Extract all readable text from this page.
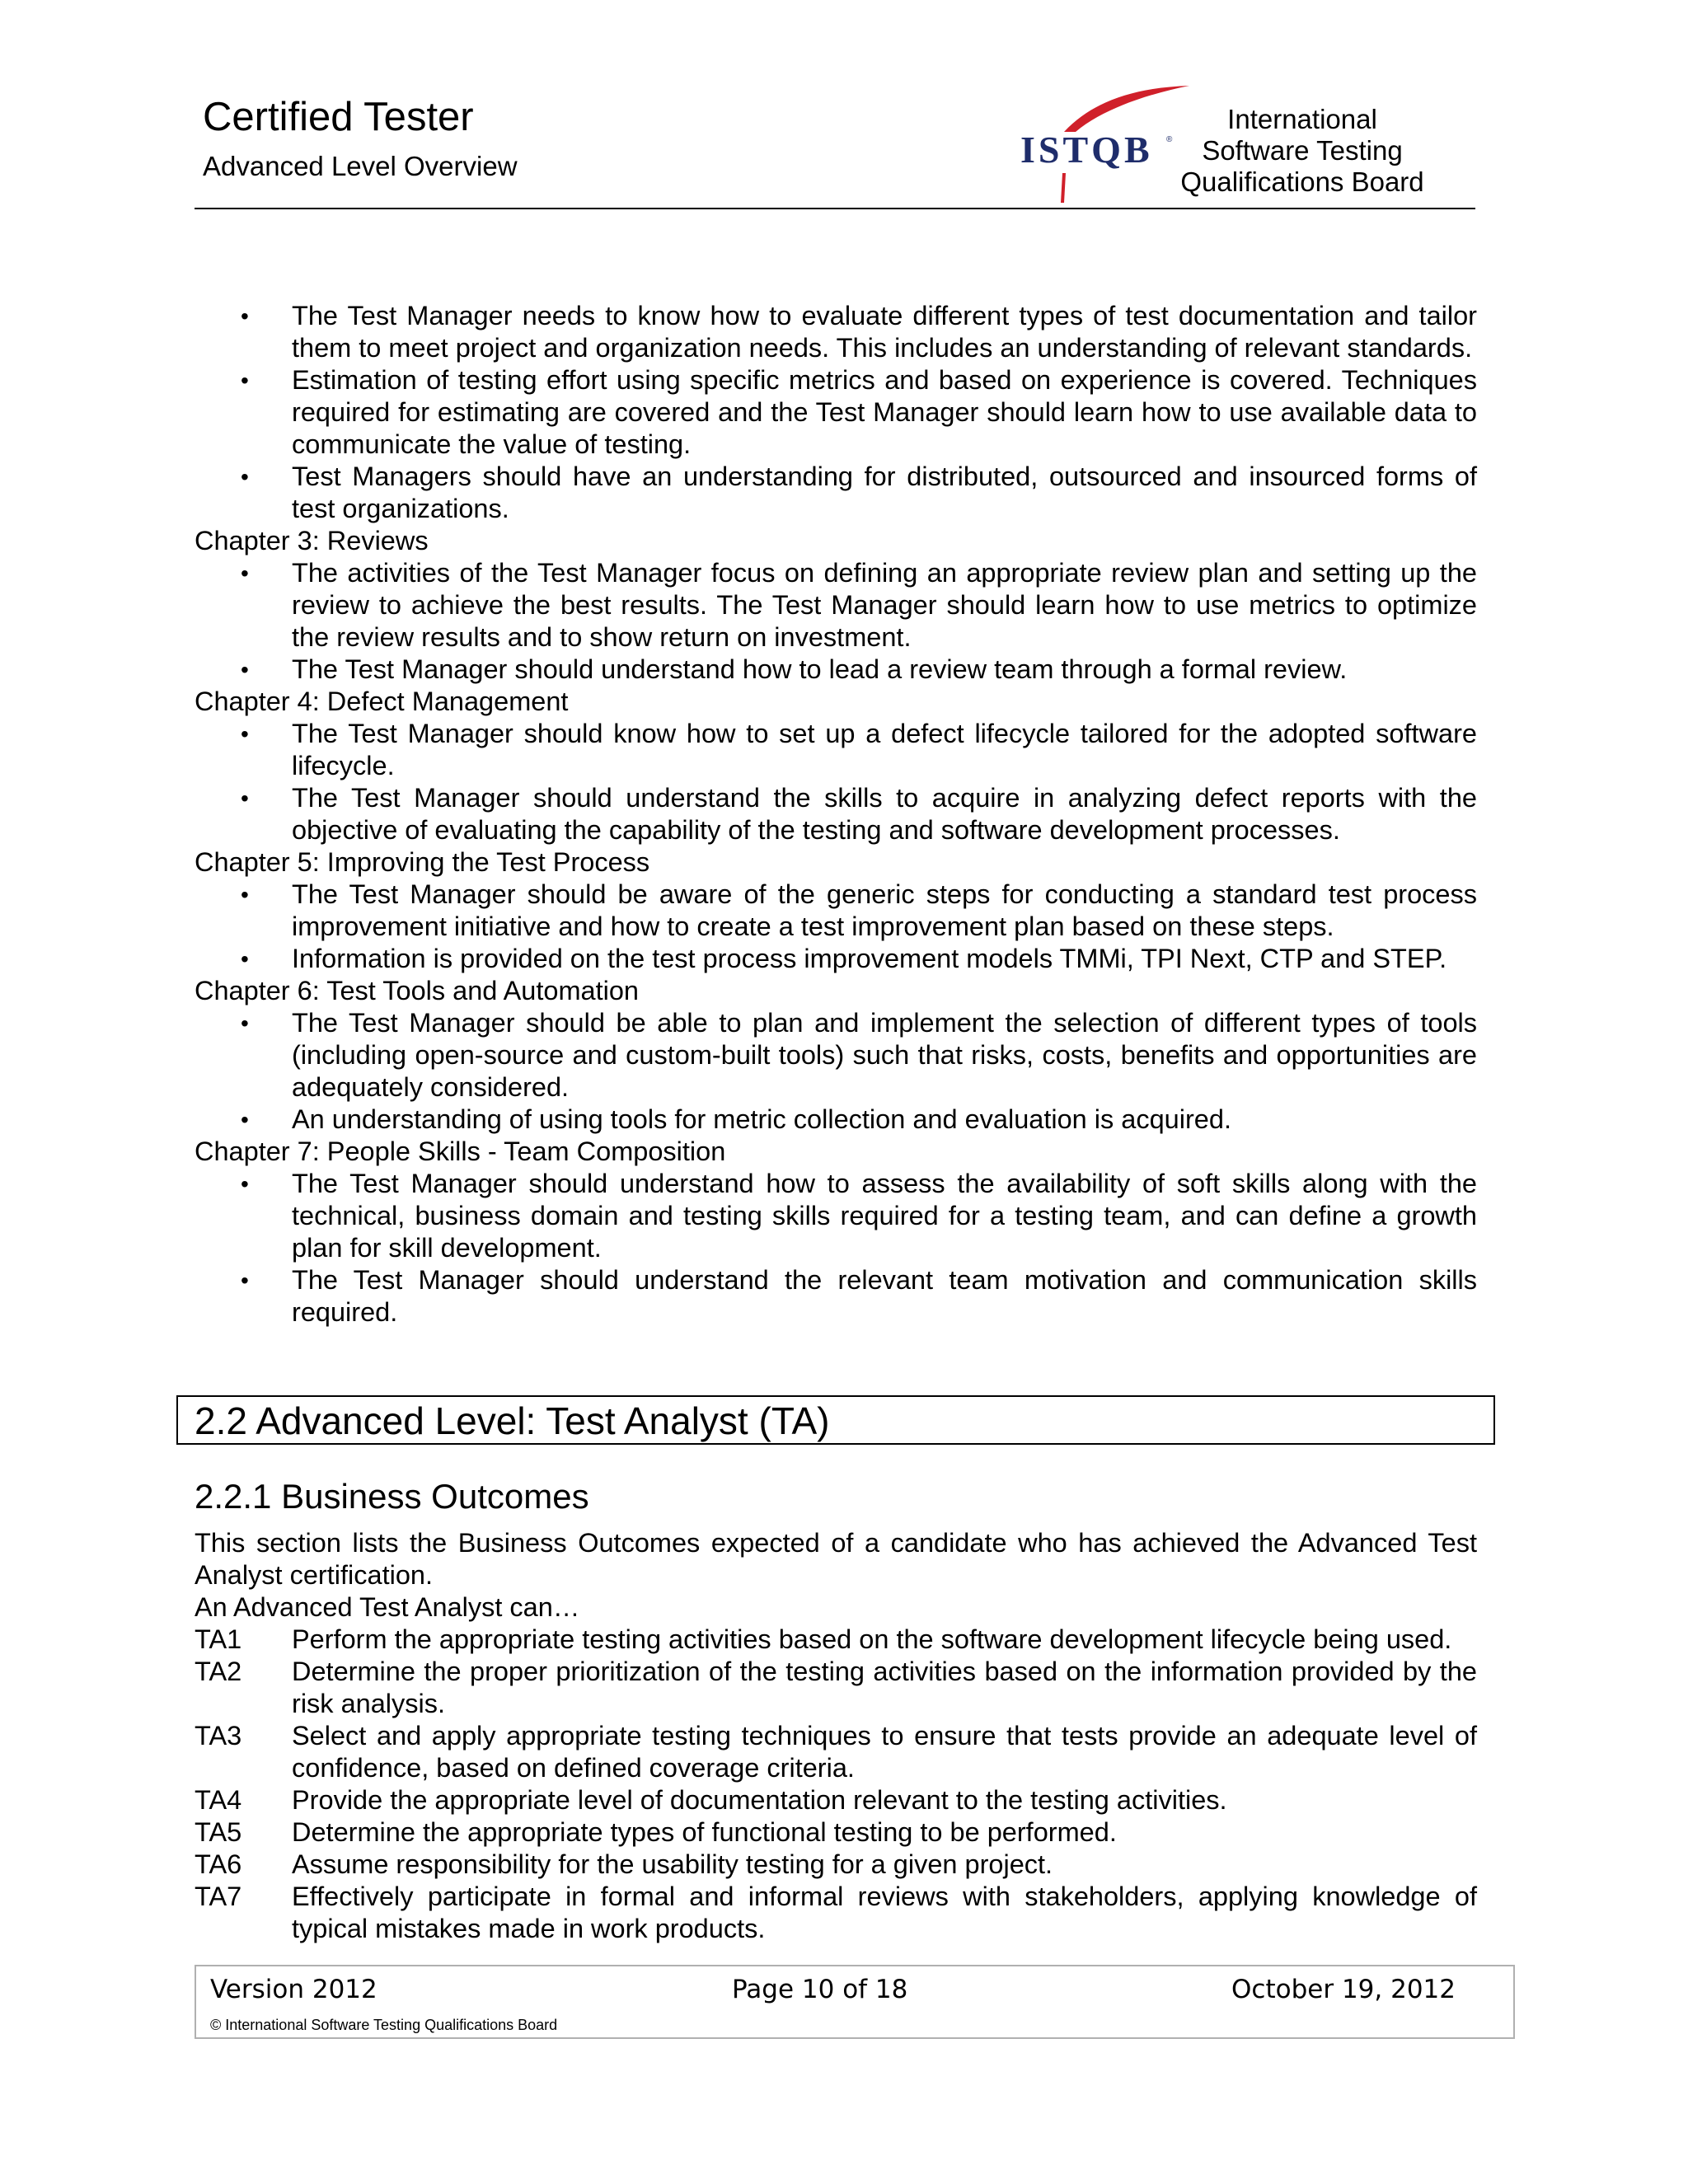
Certified Tester
Advanced Level Overview	ISTQB ®
International
Software Testing
Qualifications Board
• The Test Manager needs to know how to evaluate different types of test documentation and tailor them to meet project and organization needs. This includes an understanding of relevant standards.
• Estimation of testing effort using specific metrics and based on experience is covered. Techniques required for estimating are covered and the Test Manager should learn how to use available data to communicate the value of testing.
• Test Managers should have an understanding for distributed, outsourced and insourced forms of test organizations.
Chapter 3: Reviews
• The activities of the Test Manager focus on defining an appropriate review plan and setting up the review to achieve the best results. The Test Manager should learn how to use metrics to optimize the review results and to show return on investment.
• The Test Manager should understand how to lead a review team through a formal review.
Chapter 4: Defect Management
• The Test Manager should know how to set up a defect lifecycle tailored for the adopted software lifecycle.
• The Test Manager should understand the skills to acquire in analyzing defect reports with the objective of evaluating the capability of the testing and software development processes.
Chapter 5: Improving the Test Process
• The Test Manager should be aware of the generic steps for conducting a standard test process improvement initiative and how to create a test improvement plan based on these steps.
• Information is provided on the test process improvement models TMMi, TPI Next, CTP and STEP.
Chapter 6: Test Tools and Automation
• The Test Manager should be able to plan and implement the selection of different types of tools (including open-source and custom-built tools) such that risks, costs, benefits and opportunities are adequately considered.
• An understanding of using tools for metric collection and evaluation is acquired.
Chapter 7: People Skills - Team Composition
• The Test Manager should understand how to assess the availability of soft skills along with the technical, business domain and testing skills required for a testing team, and can define a growth plan for skill development.
• The Test Manager should understand the relevant team motivation and communication skills required.
2.2 Advanced Level: Test Analyst (TA)
2.2.1 Business Outcomes

This section lists the Business Outcomes expected of a candidate who has achieved the Advanced Test Analyst certification.

An Advanced Test Analyst can…

TA1	Perform the appropriate testing activities based on the software development lifecycle being used.
TA2	Determine the proper prioritization of the testing activities based on the information provided by the risk analysis.
TA3	Select and apply appropriate testing techniques to ensure that tests provide an adequate level of confidence, based on defined coverage criteria.
TA4	Provide the appropriate level of documentation relevant to the testing activities.
TA5	Determine the appropriate types of functional testing to be performed.
TA6	Assume responsibility for the usability testing for a given project.
TA7	Effectively participate in formal and informal reviews with stakeholders, applying knowledge of typical mistakes made in work products.
Version 2012	Page 10 of 18	October 19, 2012
© International Software Testing Qualifications Board
